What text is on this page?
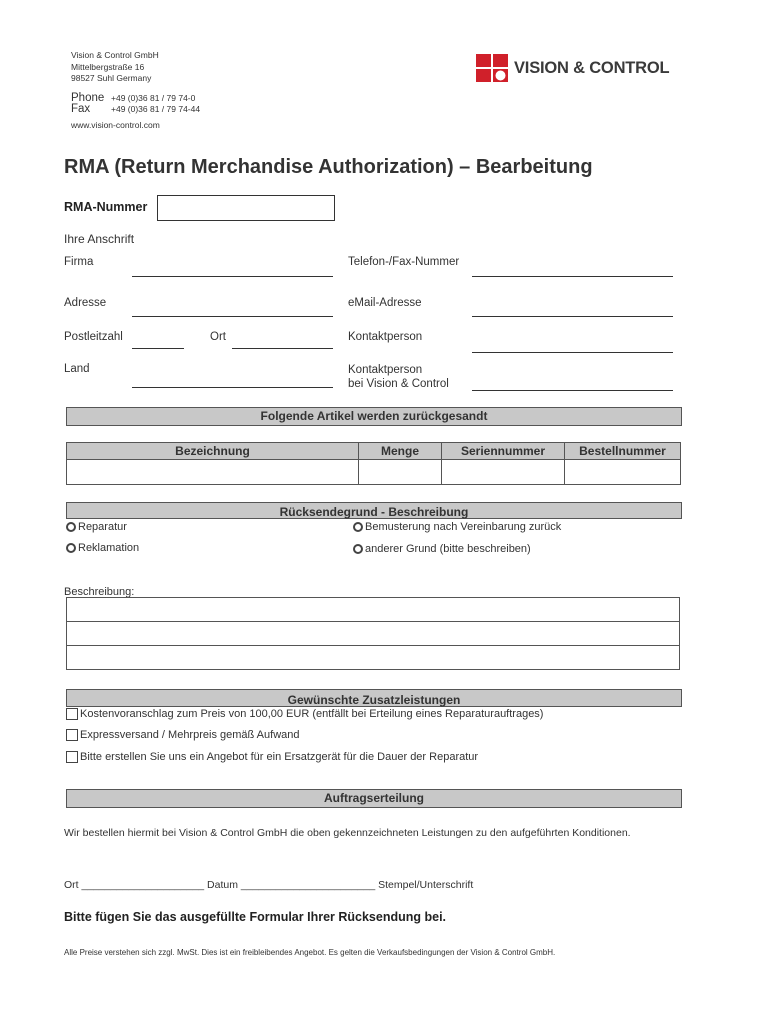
Vision & Control GmbH
Mittelbergstraße 16
98527 Suhl Germany
Phone +49 (0)36 81 / 79 74-0
Fax	+49 (0)36 81 / 79 74-44
www.vision-control.com
VISION & CONTROL
RMA (Return Merchandise Authorization) – Bearbeitung
RMA-Nummer
Ihre Anschrift
Firma	Telefon-/Fax-Nummer
Adresse	eMail-Adresse
Postleitzahl	Ort	Kontaktperson
Land	Kontaktperson
bei Vision & Control
Folgende Artikel werden zurückgesandt
Bezeichnung	Menge	Seriennummer	Bestellnummer

Rücksendegrund - Beschreibung
Reparatur	Bemusterung nach Vereinbarung zurück
Reklamation	anderer Grund (bitte beschreiben)
Beschreibung:

Gewünschte Zusatzleistungen
Kostenvoranschlag zum Preis von 100,00 EUR (entfällt bei Erteilung eines Reparaturauftrages)
Expressversand / Mehrpreis gemäß Aufwand
Bitte erstellen Sie uns ein Angebot für ein Ersatzgerät für die Dauer der Reparatur
Auftragserteilung
Wir bestellen hiermit bei Vision & Control GmbH die oben gekennzeichneten Leistungen zu den aufgeführten Konditionen.
Ort _____________________ Datum _______________________ Stempel/Unterschrift
Bitte fügen Sie das ausgefüllte Formular Ihrer Rücksendung bei.
Alle Preise verstehen sich zzgl. MwSt. Dies ist ein freibleibendes Angebot. Es gelten die Verkaufsbedingungen der Vision & Control GmbH.
